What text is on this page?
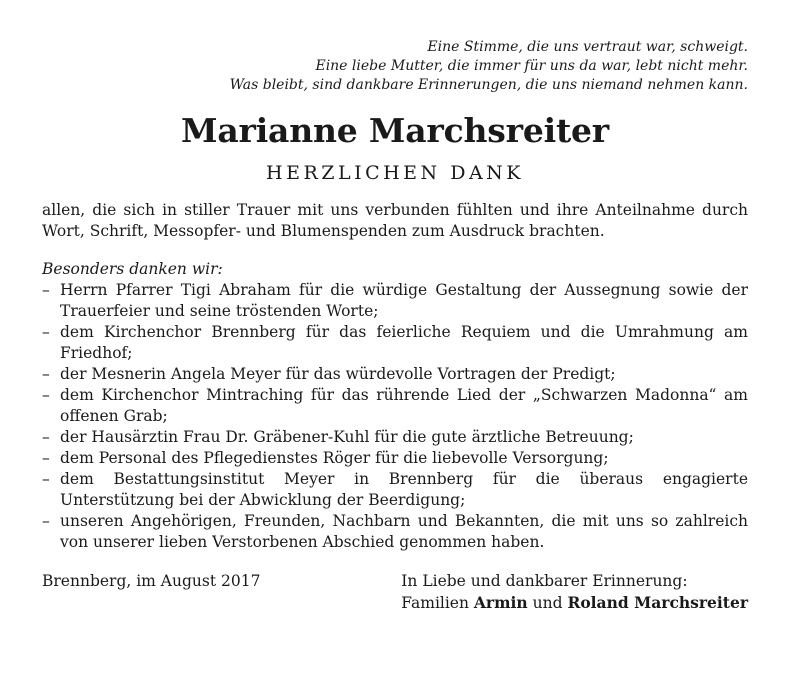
Eine Stimme, die uns vertraut war, schweigt.
Eine liebe Mutter, die immer für uns da war, lebt nicht mehr.
Was bleibt, sind dankbare Erinnerungen, die uns niemand nehmen kann.
Marianne Marchsreiter
HERZLICHEN DANK
allen, die sich in stiller Trauer mit uns verbunden fühlten und ihre Anteilnahme durch Wort, Schrift, Messopfer- und Blumenspenden zum Ausdruck brachten.
Besonders danken wir:
– Herrn Pfarrer Tigi Abraham für die würdige Gestaltung der Aussegnung sowie der Trauerfeier und seine tröstenden Worte;
– dem Kirchenchor Brennberg für das feierliche Requiem und die Umrahmung am Friedhof;
– der Mesnerin Angela Meyer für das würdevolle Vortragen der Predigt;
– dem Kirchenchor Mintraching für das rührende Lied der „Schwarzen Madonna“ am offenen Grab;
– der Hausärztin Frau Dr. Gräbener-Kuhl für die gute ärztliche Betreuung;
– dem Personal des Pflegedienstes Röger für die liebevolle Versorgung;
– dem Bestattungsinstitut Meyer in Brennberg für die überaus engagierte Unterstützung bei der Abwicklung der Beerdigung;
– unseren Angehörigen, Freunden, Nachbarn und Bekannten, die mit uns so zahlreich von unserer lieben Verstorbenen Abschied genommen haben.
Brennberg, im August 2017	In Liebe und dankbarer Erinnerung:
Familien Armin und Roland Marchsreiter
